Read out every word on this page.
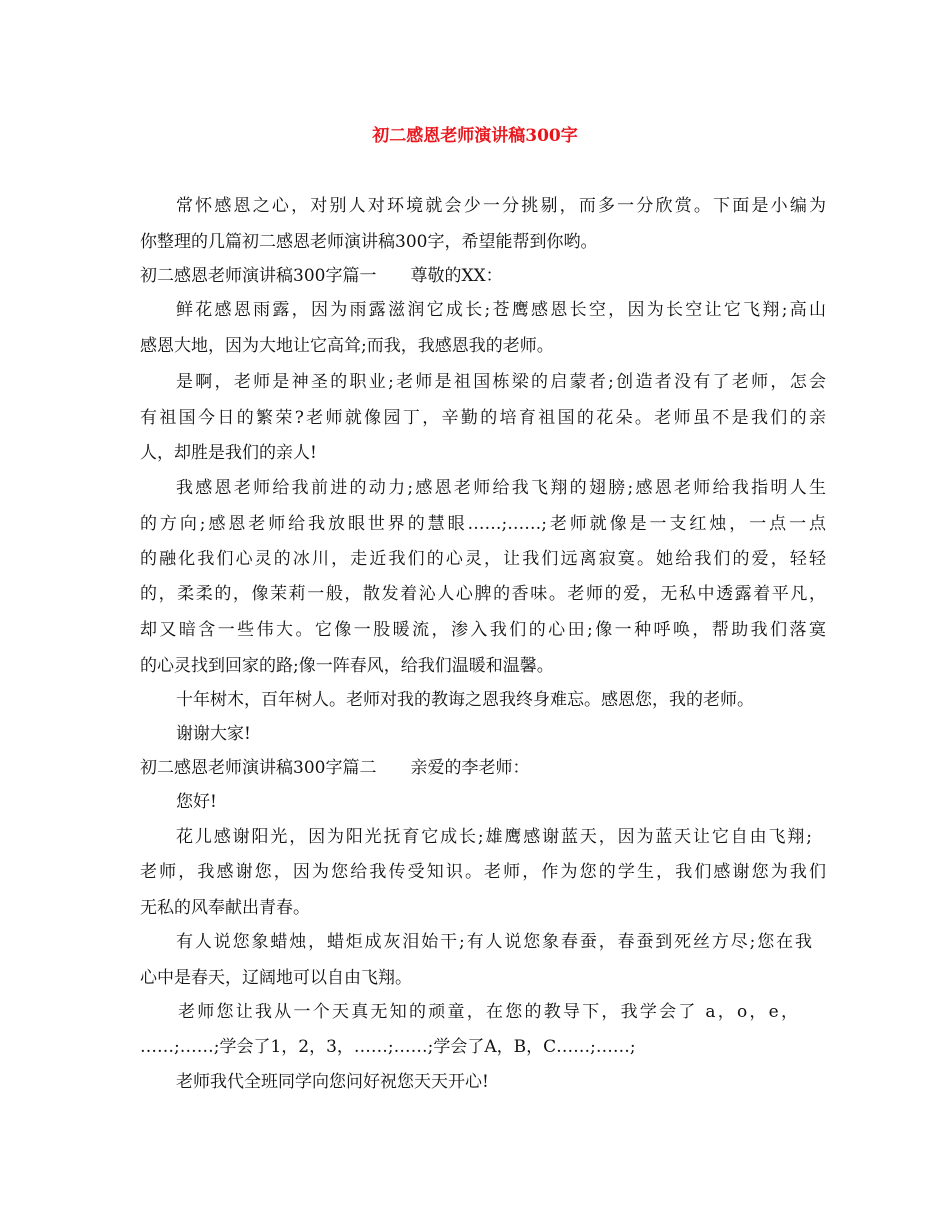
初二感恩老师演讲稿300字
常怀感恩之心，对别人对环境就会少一分挑剔，而多一分欣赏。下面是小编为
你整理的几篇初二感恩老师演讲稿300字，希望能帮到你哟。
初二感恩老师演讲稿300字篇一　　尊敬的XX：
鲜花感恩雨露，因为雨露滋润它成长;苍鹰感恩长空，因为长空让它飞翔;高山
感恩大地，因为大地让它高耸;而我，我感恩我的老师。
是啊，老师是神圣的职业;老师是祖国栋梁的启蒙者;创造者没有了老师，怎会
有祖国今日的繁荣?老师就像园丁，辛勤的培育祖国的花朵。老师虽不是我们的亲
人，却胜是我们的亲人!
我感恩老师给我前进的动力;感恩老师给我飞翔的翅膀;感恩老师给我指明人生
的方向;感恩老师给我放眼世界的慧眼……;……;老师就像是一支红烛，一点一点
的融化我们心灵的冰川，走近我们的心灵，让我们远离寂寞。她给我们的爱，轻轻
的，柔柔的，像茉莉一般，散发着沁人心脾的香味。老师的爱，无私中透露着平凡，
却又暗含一些伟大。它像一股暖流，渗入我们的心田;像一种呼唤，帮助我们落寞
的心灵找到回家的路;像一阵春风，给我们温暖和温馨。
十年树木，百年树人。老师对我的教诲之恩我终身难忘。感恩您，我的老师。
谢谢大家!
初二感恩老师演讲稿300字篇二　　亲爱的李老师：
您好!
花儿感谢阳光，因为阳光抚育它成长;雄鹰感谢蓝天，因为蓝天让它自由飞翔;
老师，我感谢您，因为您给我传受知识。老师，作为您的学生，我们感谢您为我们
无私的风奉献出青春。
有人说您象蜡烛，蜡炬成灰泪始干;有人说您象春蚕，春蚕到死丝方尽;您在我
心中是春天，辽阔地可以自由飞翔。
老师您让我从一个天真无知的顽童，在您的教导下，我学会了 a，o，e，
……;……;学会了1，2，3，……;……;学会了A，B，C……;……;
老师我代全班同学向您问好祝您天天开心!
